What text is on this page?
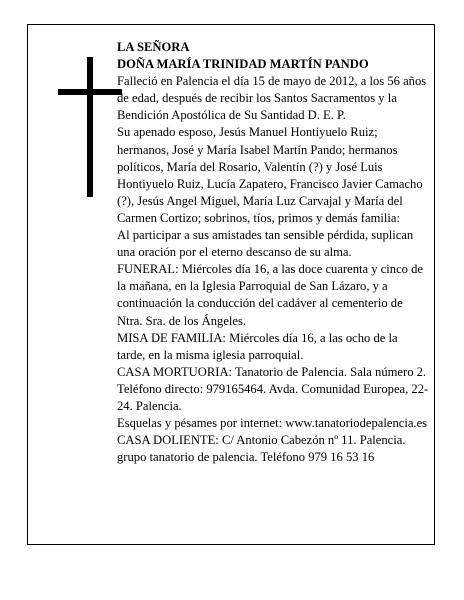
LA SEÑORA
DOÑA MARÍA TRINIDAD MARTÍN PANDO

Falleció en Palencia el día 15 de mayo de 2012, a los 56 años de edad, después de recibir los Santos Sacramentos y la Bendición Apostólica de Su Santidad D. E. P.

Su apenado esposo, Jesús Manuel Hontiyuelo Ruiz; hermanos, José y María Isabel Martín Pando; hermanos políticos, María del Rosario, Valentín (?) y José Luis Hontiyuelo Ruiz, Lucía Zapatero, Francisco Javier Camacho (?), Jesús Angel Miguel, María Luz Carvajal y María del Carmen Cortizo; sobrinos, tíos, primos y demás familia:

Al participar a sus amistades tan sensible pérdida, suplican una oración por el eterno descanso de su alma.

FUNERAL: Miércoles día 16, a las doce cuarenta y cinco de la mañana, en la Iglesia Parroquial de San Lázaro, y a continuación la conducción del cadáver al cementerio de Ntra. Sra. de los Ángeles.

MISA DE FAMILIA: Miércoles día 16, a las ocho de la tarde, en la misma iglesia parroquial.

CASA MORTUORIA: Tanatorio de Palencia. Sala número 2. Teléfono directo: 979165464. Avda. Comunidad Europea, 22-24. Palencia.

Esquelas y pésames por internet: www.tanatoriodepalencia.es

CASA DOLIENTE: C/ Antonio Cabezón nº 11. Palencia.

grupo tanatorio de palencia. Teléfono 979 16 53 16
